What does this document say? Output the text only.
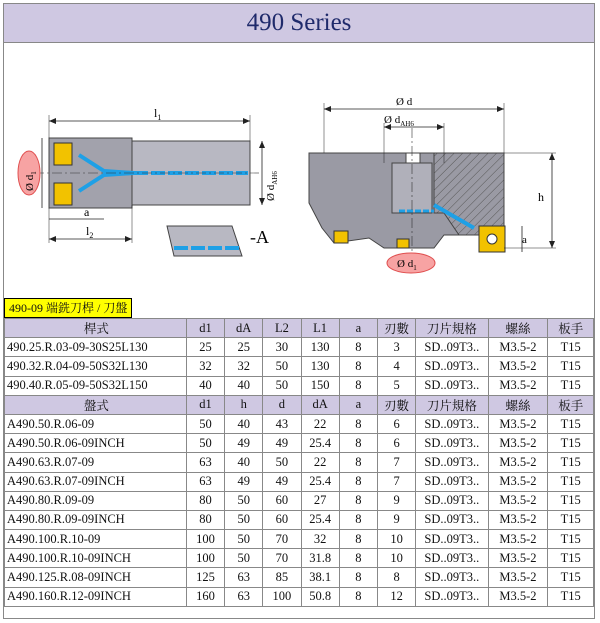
490 Series
$l_1$
a
$l_2$
Ø $d_1$
Ø $d_{AH6}$
-A
Ø d
Ø $d_{AH6}$
h
a
Ø $d_1$
490-09 端銑刀桿 / 刀盤
桿式	d1	dA	L2	L1	a	刃數	刀片規格	螺絲	板手
490.25.R.03-09-30S25L130	25	25	30	130	8	3	SD..09T3..	M3.5-2	T15
490.32.R.04-09-50S32L130	32	32	50	130	8	4	SD..09T3..	M3.5-2	T15
490.40.R.05-09-50S32L150	40	40	50	150	8	5	SD..09T3..	M3.5-2	T15
盤式	d1	h	d	dA	a	刃數	刀片規格	螺絲	板手
A490.50.R.06-09	50	40	43	22	8	6	SD..09T3..	M3.5-2	T15
A490.50.R.06-09INCH	50	49	49	25.4	8	6	SD..09T3..	M3.5-2	T15
A490.63.R.07-09	63	40	50	22	8	7	SD..09T3..	M3.5-2	T15
A490.63.R.07-09INCH	63	49	49	25.4	8	7	SD..09T3..	M3.5-2	T15
A490.80.R.09-09	80	50	60	27	8	9	SD..09T3..	M3.5-2	T15
A490.80.R.09-09INCH	80	50	60	25.4	8	9	SD..09T3..	M3.5-2	T15
A490.100.R.10-09	100	50	70	32	8	10	SD..09T3..	M3.5-2	T15
A490.100.R.10-09INCH	100	50	70	31.8	8	10	SD..09T3..	M3.5-2	T15
A490.125.R.08-09INCH	125	63	85	38.1	8	8	SD..09T3..	M3.5-2	T15
A490.160.R.12-09INCH	160	63	100	50.8	8	12	SD..09T3..	M3.5-2	T15
